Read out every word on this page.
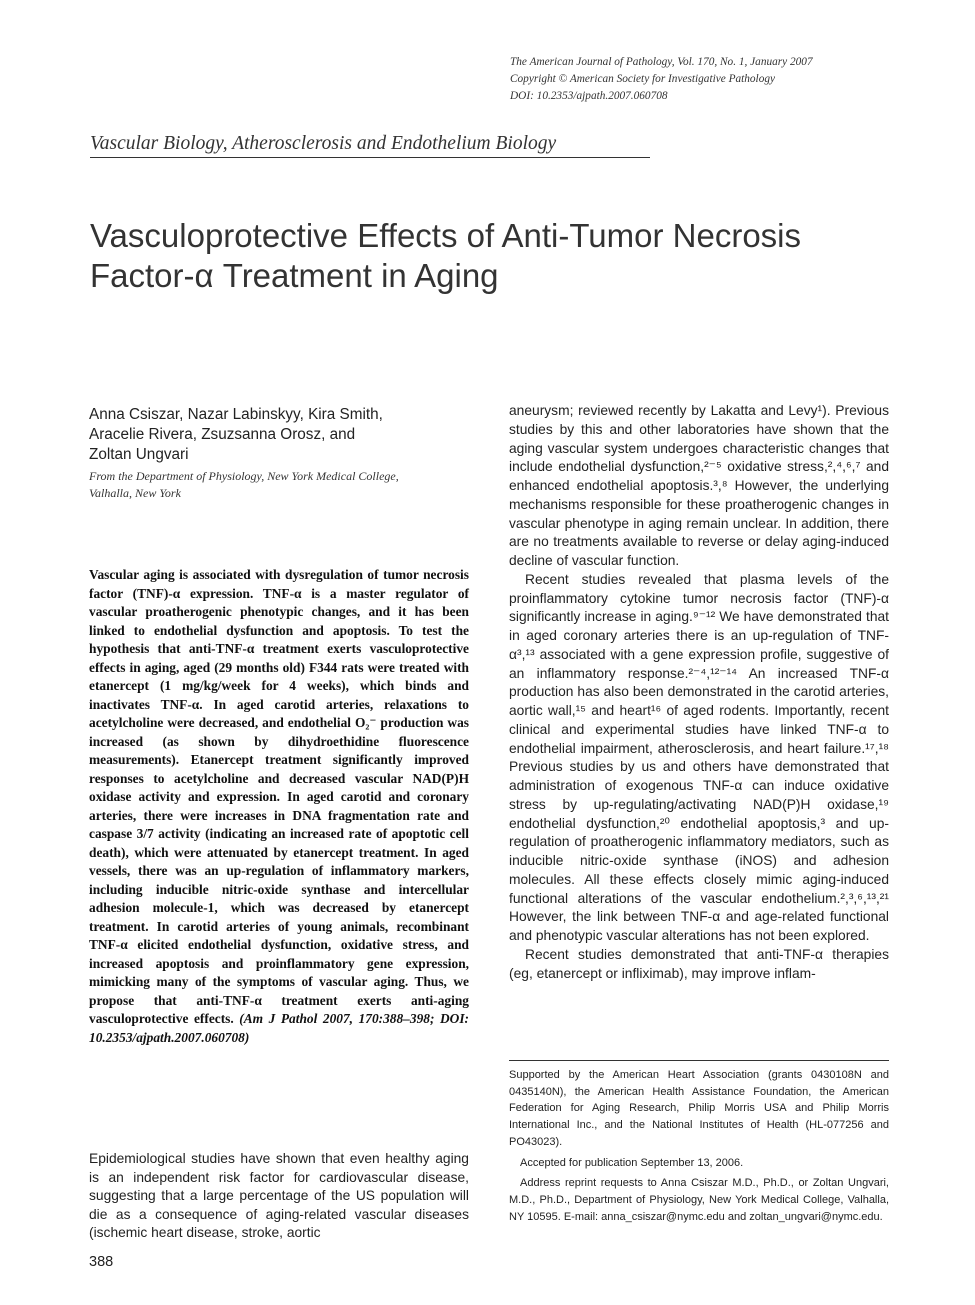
The American Journal of Pathology, Vol. 170, No. 1, January 2007
Copyright © American Society for Investigative Pathology
DOI: 10.2353/ajpath.2007.060708
Vascular Biology, Atherosclerosis and Endothelium Biology
Vasculoprotective Effects of Anti-Tumor Necrosis
Factor-α Treatment in Aging
Anna Csiszar, Nazar Labinskyy, Kira Smith,
Aracelie Rivera, Zsuzsanna Orosz, and
Zoltan Ungvari
From the Department of Physiology, New York Medical College,
Valhalla, New York
Vascular aging is associated with dysregulation of tumor necrosis factor (TNF)-α expression. TNF-α is a master regulator of vascular proatherogenic phenotypic changes, and it has been linked to endothelial dysfunction and apoptosis. To test the hypothesis that anti-TNF-α treatment exerts vasculoprotective effects in aging, aged (29 months old) F344 rats were treated with etanercept (1 mg/kg/week for 4 weeks), which binds and inactivates TNF-α. In aged carotid arteries, relaxations to acetylcholine were decreased, and endothelial O₂⁻ production was increased (as shown by dihydroethidine fluorescence measurements). Etanercept treatment significantly improved responses to acetylcholine and decreased vascular NAD(P)H oxidase activity and expression. In aged carotid and coronary arteries, there were increases in DNA fragmentation rate and caspase 3/7 activity (indicating an increased rate of apoptotic cell death), which were attenuated by etanercept treatment. In aged vessels, there was an up-regulation of inflammatory markers, including inducible nitric-oxide synthase and intercellular adhesion molecule-1, which was decreased by etanercept treatment. In carotid arteries of young animals, recombinant TNF-α elicited endothelial dysfunction, oxidative stress, and increased apoptosis and proinflammatory gene expression, mimicking many of the symptoms of vascular aging. Thus, we propose that anti-TNF-α treatment exerts anti-aging vasculoprotective effects. (Am J Pathol 2007, 170:388–398; DOI: 10.2353/ajpath.2007.060708)

Epidemiological studies have shown that even healthy aging is an independent risk factor for cardiovascular disease, suggesting that a large percentage of the US population will die as a consequence of aging-related vascular diseases (ischemic heart disease, stroke, aortic

388

aneurysm; reviewed recently by Lakatta and Levy¹). Previous studies by this and other laboratories have shown that the aging vascular system undergoes characteristic changes that include endothelial dysfunction,²⁻⁵ oxidative stress,²,⁴,⁶,⁷ and enhanced endothelial apoptosis.³,⁸ However, the underlying mechanisms responsible for these proatherogenic changes in vascular phenotype in aging remain unclear. In addition, there are no treatments available to reverse or delay aging-induced decline of vascular function.

Recent studies revealed that plasma levels of the proinflammatory cytokine tumor necrosis factor (TNF)-α significantly increase in aging.⁹⁻¹² We have demonstrated that in aged coronary arteries there is an up-regulation of TNF-α³,¹³ associated with a gene expression profile, suggestive of an inflammatory response.²⁻⁴,¹²⁻¹⁴ An increased TNF-α production has also been demonstrated in the carotid arteries, aortic wall,¹⁵ and heart¹⁶ of aged rodents. Importantly, recent clinical and experimental studies have linked TNF-α to endothelial impairment, atherosclerosis, and heart failure.¹⁷,¹⁸ Previous studies by us and others have demonstrated that administration of exogenous TNF-α can induce oxidative stress by up-regulating/activating NAD(P)H oxidase,¹⁹ endothelial dysfunction,²⁰ endothelial apoptosis,³ and up-regulation of proatherogenic inflammatory mediators, such as inducible nitric-oxide synthase (iNOS) and adhesion molecules. All these effects closely mimic aging-induced functional alterations of the vascular endothelium.²,³,⁶,¹³,²¹ However, the link between TNF-α and age-related functional and phenotypic vascular alterations has not been explored.

Recent studies demonstrated that anti-TNF-α therapies (eg, etanercept or infliximab), may improve inflam-

Supported by the American Heart Association (grants 0430108N and 0435140N), the American Health Assistance Foundation, the American Federation for Aging Research, Philip Morris USA and Philip Morris International Inc., and the National Institutes of Health (HL-077256 and PO43023).

Accepted for publication September 13, 2006.

Address reprint requests to Anna Csiszar M.D., Ph.D., or Zoltan Ungvari, M.D., Ph.D., Department of Physiology, New York Medical College, Valhalla, NY 10595. E-mail: anna_csiszar@nymc.edu and zoltan_ungvari@nymc.edu.
